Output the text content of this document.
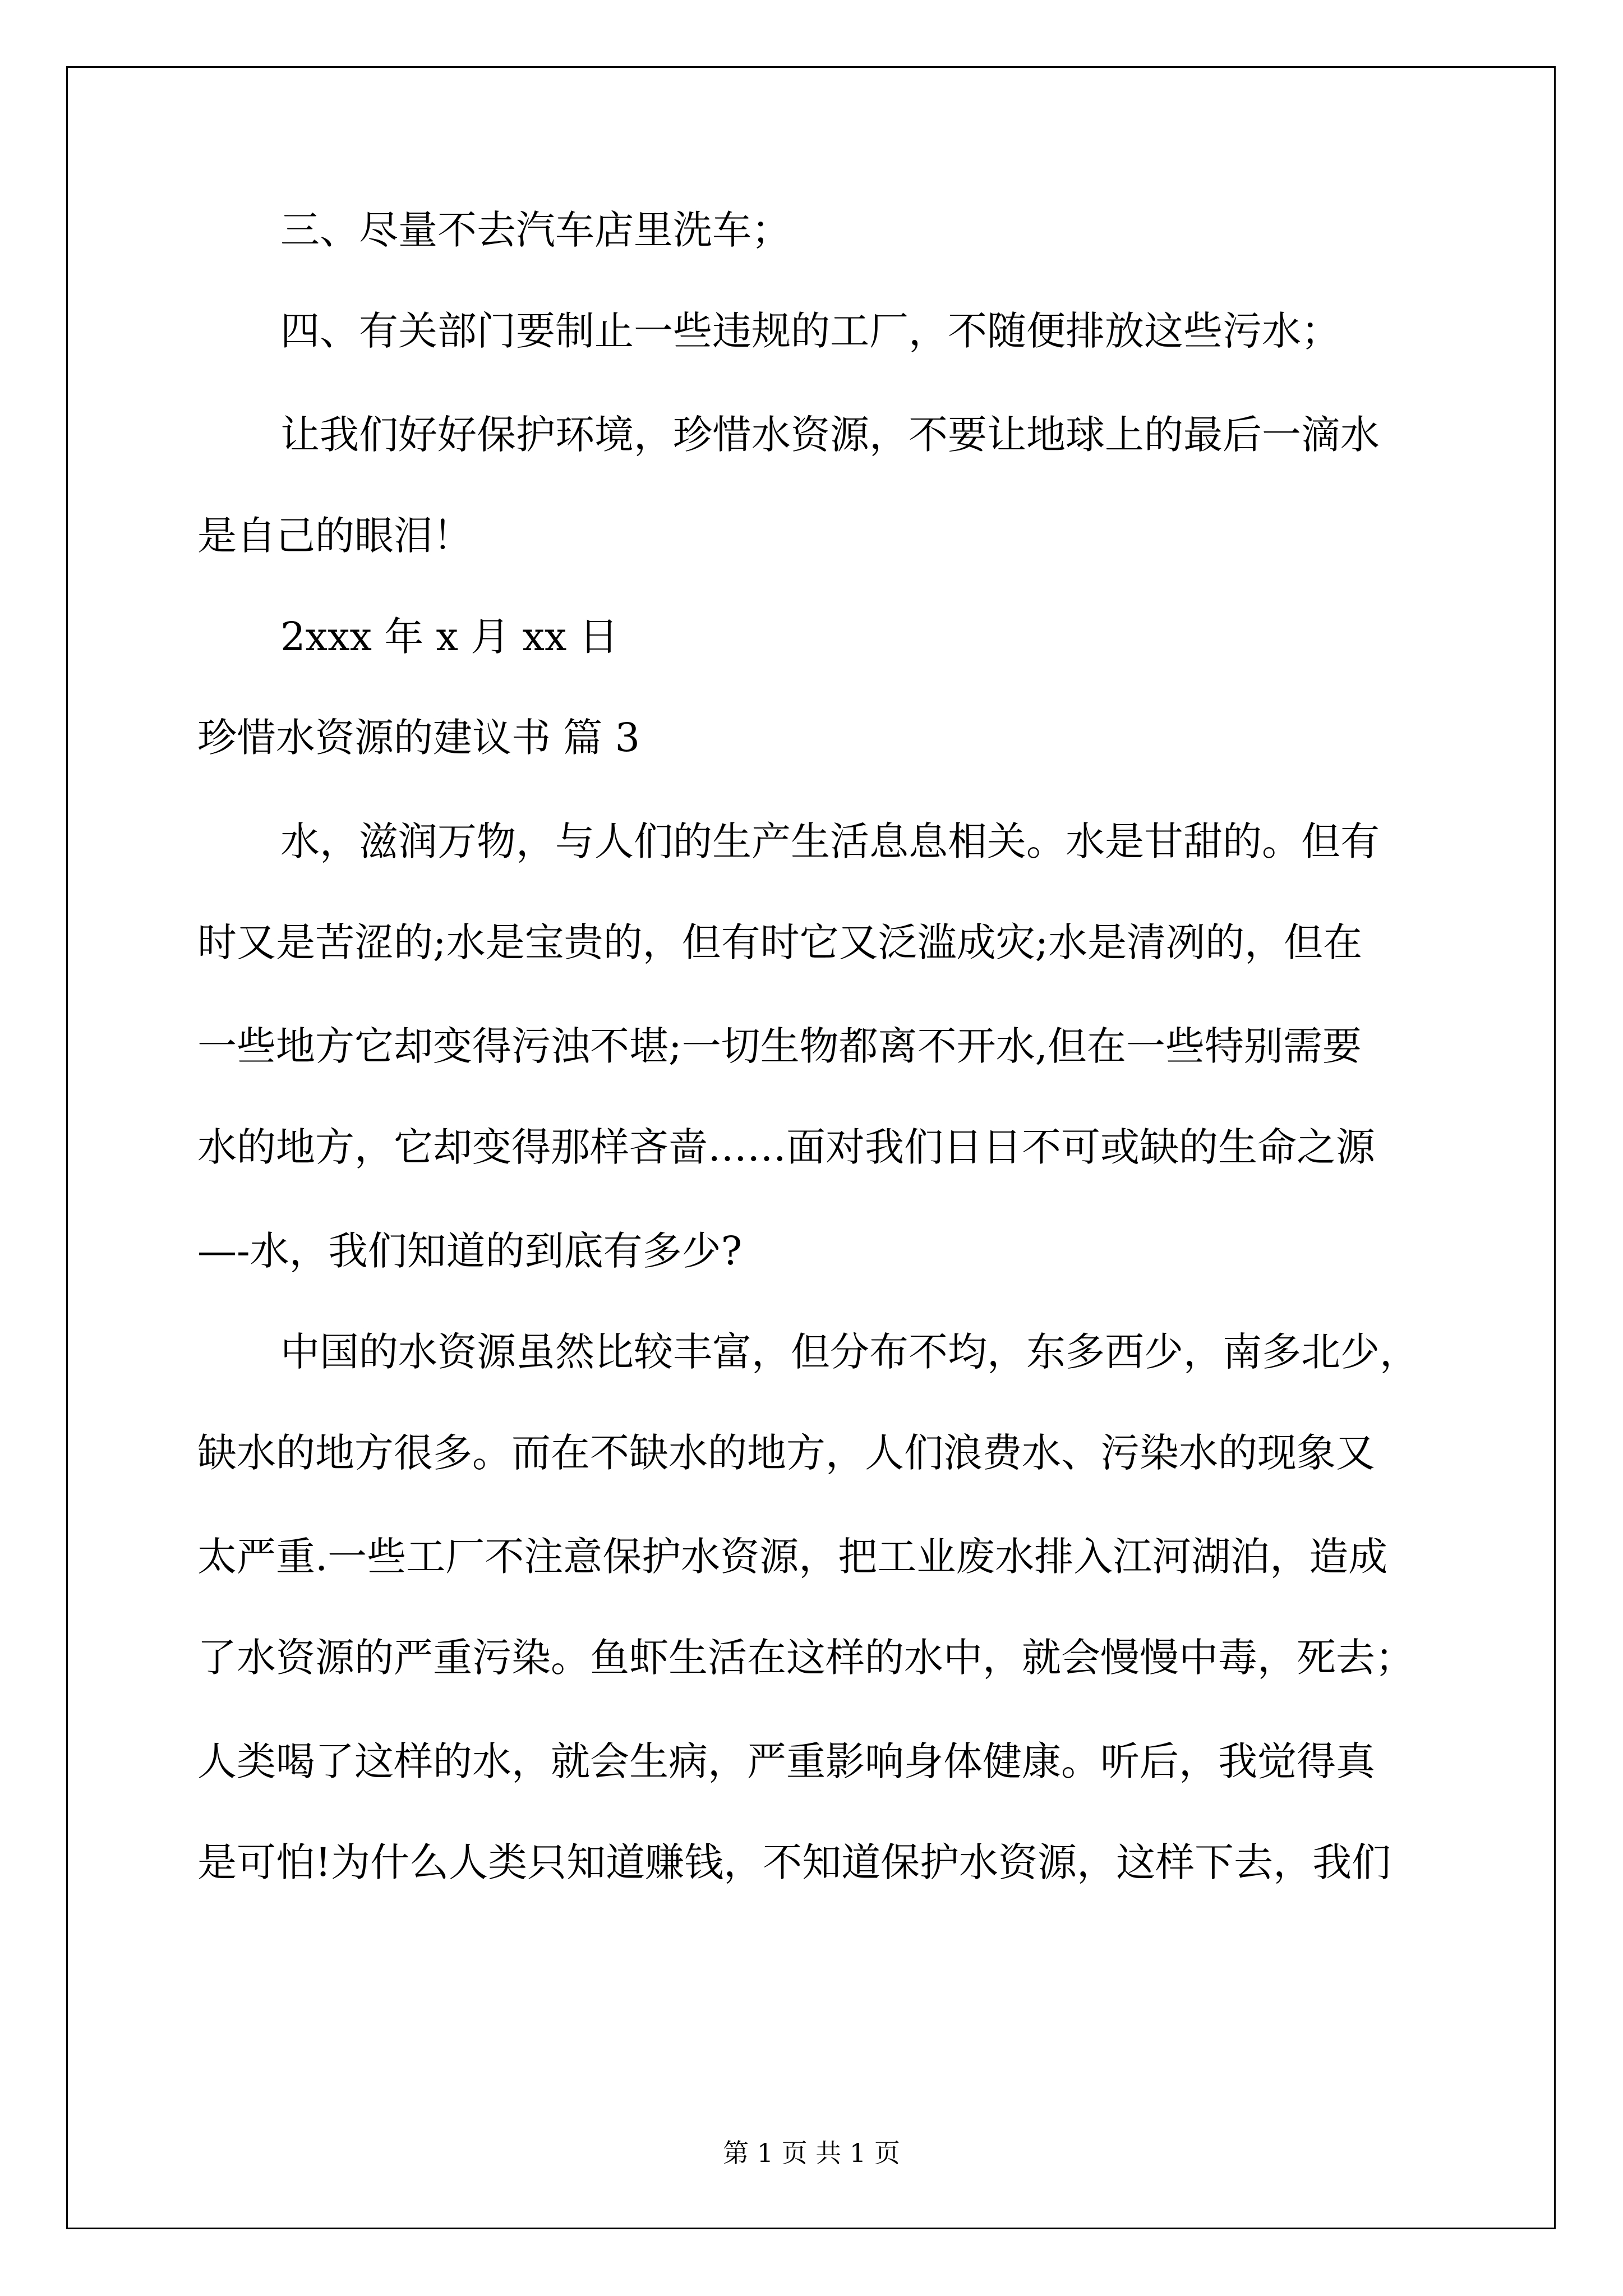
三、尽量不去汽车店里洗车；
四、有关部门要制止一些违规的工厂，不随便排放这些污水；
让我们好好保护环境，珍惜水资源，不要让地球上的最后一滴水
是自己的眼泪！
2xxx 年 x 月 xx 日
珍惜水资源的建议书 篇 3
水，滋润万物，与人们的生产生活息息相关。水是甘甜的。但有
时又是苦涩的;水是宝贵的，但有时它又泛滥成灾;水是清冽的，但在
一些地方它却变得污浊不堪;一切生物都离不开水,但在一些特别需要
水的地方，它却变得那样吝啬……面对我们日日不可或缺的生命之源
—-水，我们知道的到底有多少?
中国的水资源虽然比较丰富，但分布不均，东多西少，南多北少，
缺水的地方很多。而在不缺水的地方，人们浪费水、污染水的现象又
太严重.一些工厂不注意保护水资源，把工业废水排入江河湖泊，造成
了水资源的严重污染。鱼虾生活在这样的水中，就会慢慢中毒，死去；
人类喝了这样的水，就会生病，严重影响身体健康。听后，我觉得真
是可怕!为什么人类只知道赚钱，不知道保护水资源，这样下去，我们
第 1 页 共 1 页
